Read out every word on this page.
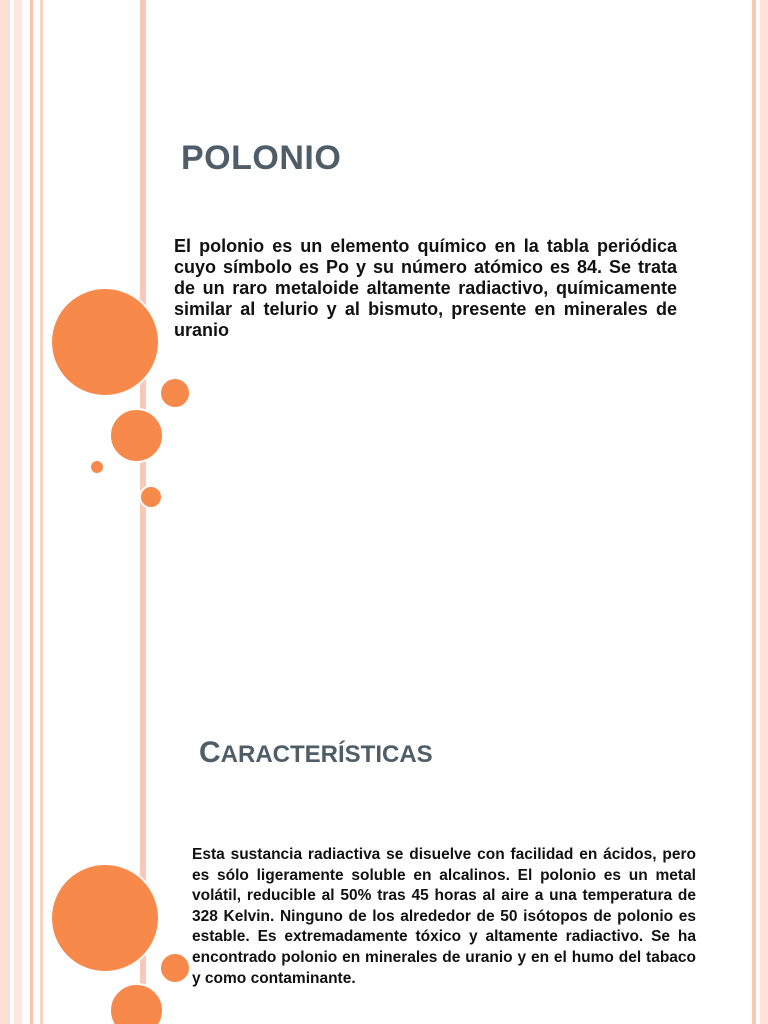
POLONIO

El polonio es un elemento químico en la tabla periódica cuyo símbolo es Po y su número atómico es 84. Se trata de un raro metaloide altamente radiactivo, químicamente similar al telurio y al bismuto, presente en minerales de uranio

CARACTERÍSTICAS

Esta sustancia radiactiva se disuelve con facilidad en ácidos, pero es sólo ligeramente soluble en alcalinos. El polonio es un metal volátil, reducible al 50% tras 45 horas al aire a una temperatura de 328 Kelvin. Ninguno de los alrededor de 50 isótopos de polonio es estable. Es extremadamente tóxico y altamente radiactivo. Se ha encontrado polonio en minerales de uranio y en el humo del tabaco y como contaminante.
